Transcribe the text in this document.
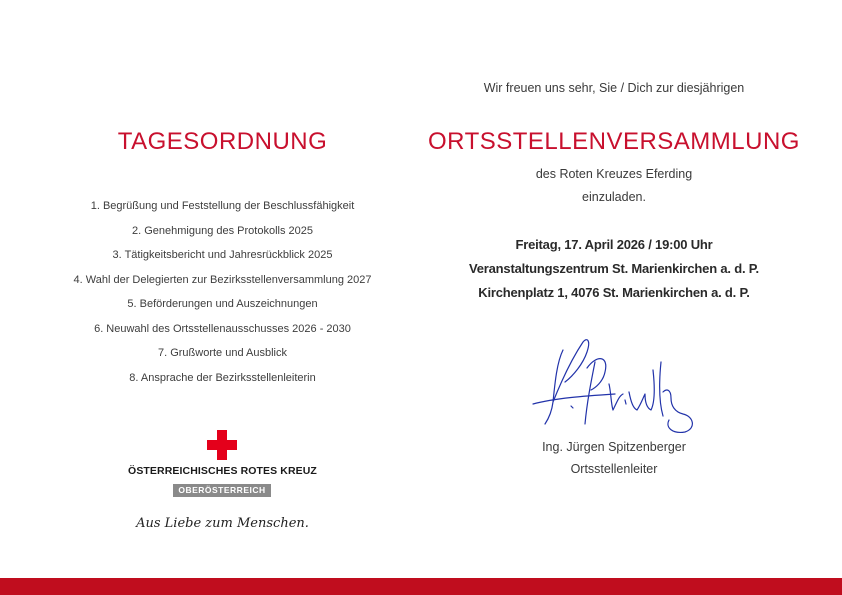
TAGESORDNUNG
1. Begrüßung und Feststellung der Beschlussfähigkeit
2. Genehmigung des Protokolls 2025
3. Tätigkeitsbericht und Jahresrückblick 2025
4. Wahl der Delegierten zur Bezirksstellenversammlung 2027
5. Beförderungen und Auszeichnungen
6. Neuwahl des Ortsstellenausschusses 2026 - 2030
7. Grußworte und Ausblick
8. Ansprache der Bezirksstellenleiterin
ÖSTERREICHISCHES ROTES KREUZ
OBERÖSTERREICH
Aus Liebe zum Menschen.
Wir freuen uns sehr, Sie / Dich zur diesjährigen
ORTSSTELLENVERSAMMLUNG
des Roten Kreuzes Eferding
einzuladen.
Freitag, 17. April 2026 / 19:00 Uhr
Veranstaltungszentrum St. Marienkirchen a. d. P.
Kirchenplatz 1, 4076 St. Marienkirchen a. d. P.
Ing. Jürgen Spitzenberger
Ortsstellenleiter
